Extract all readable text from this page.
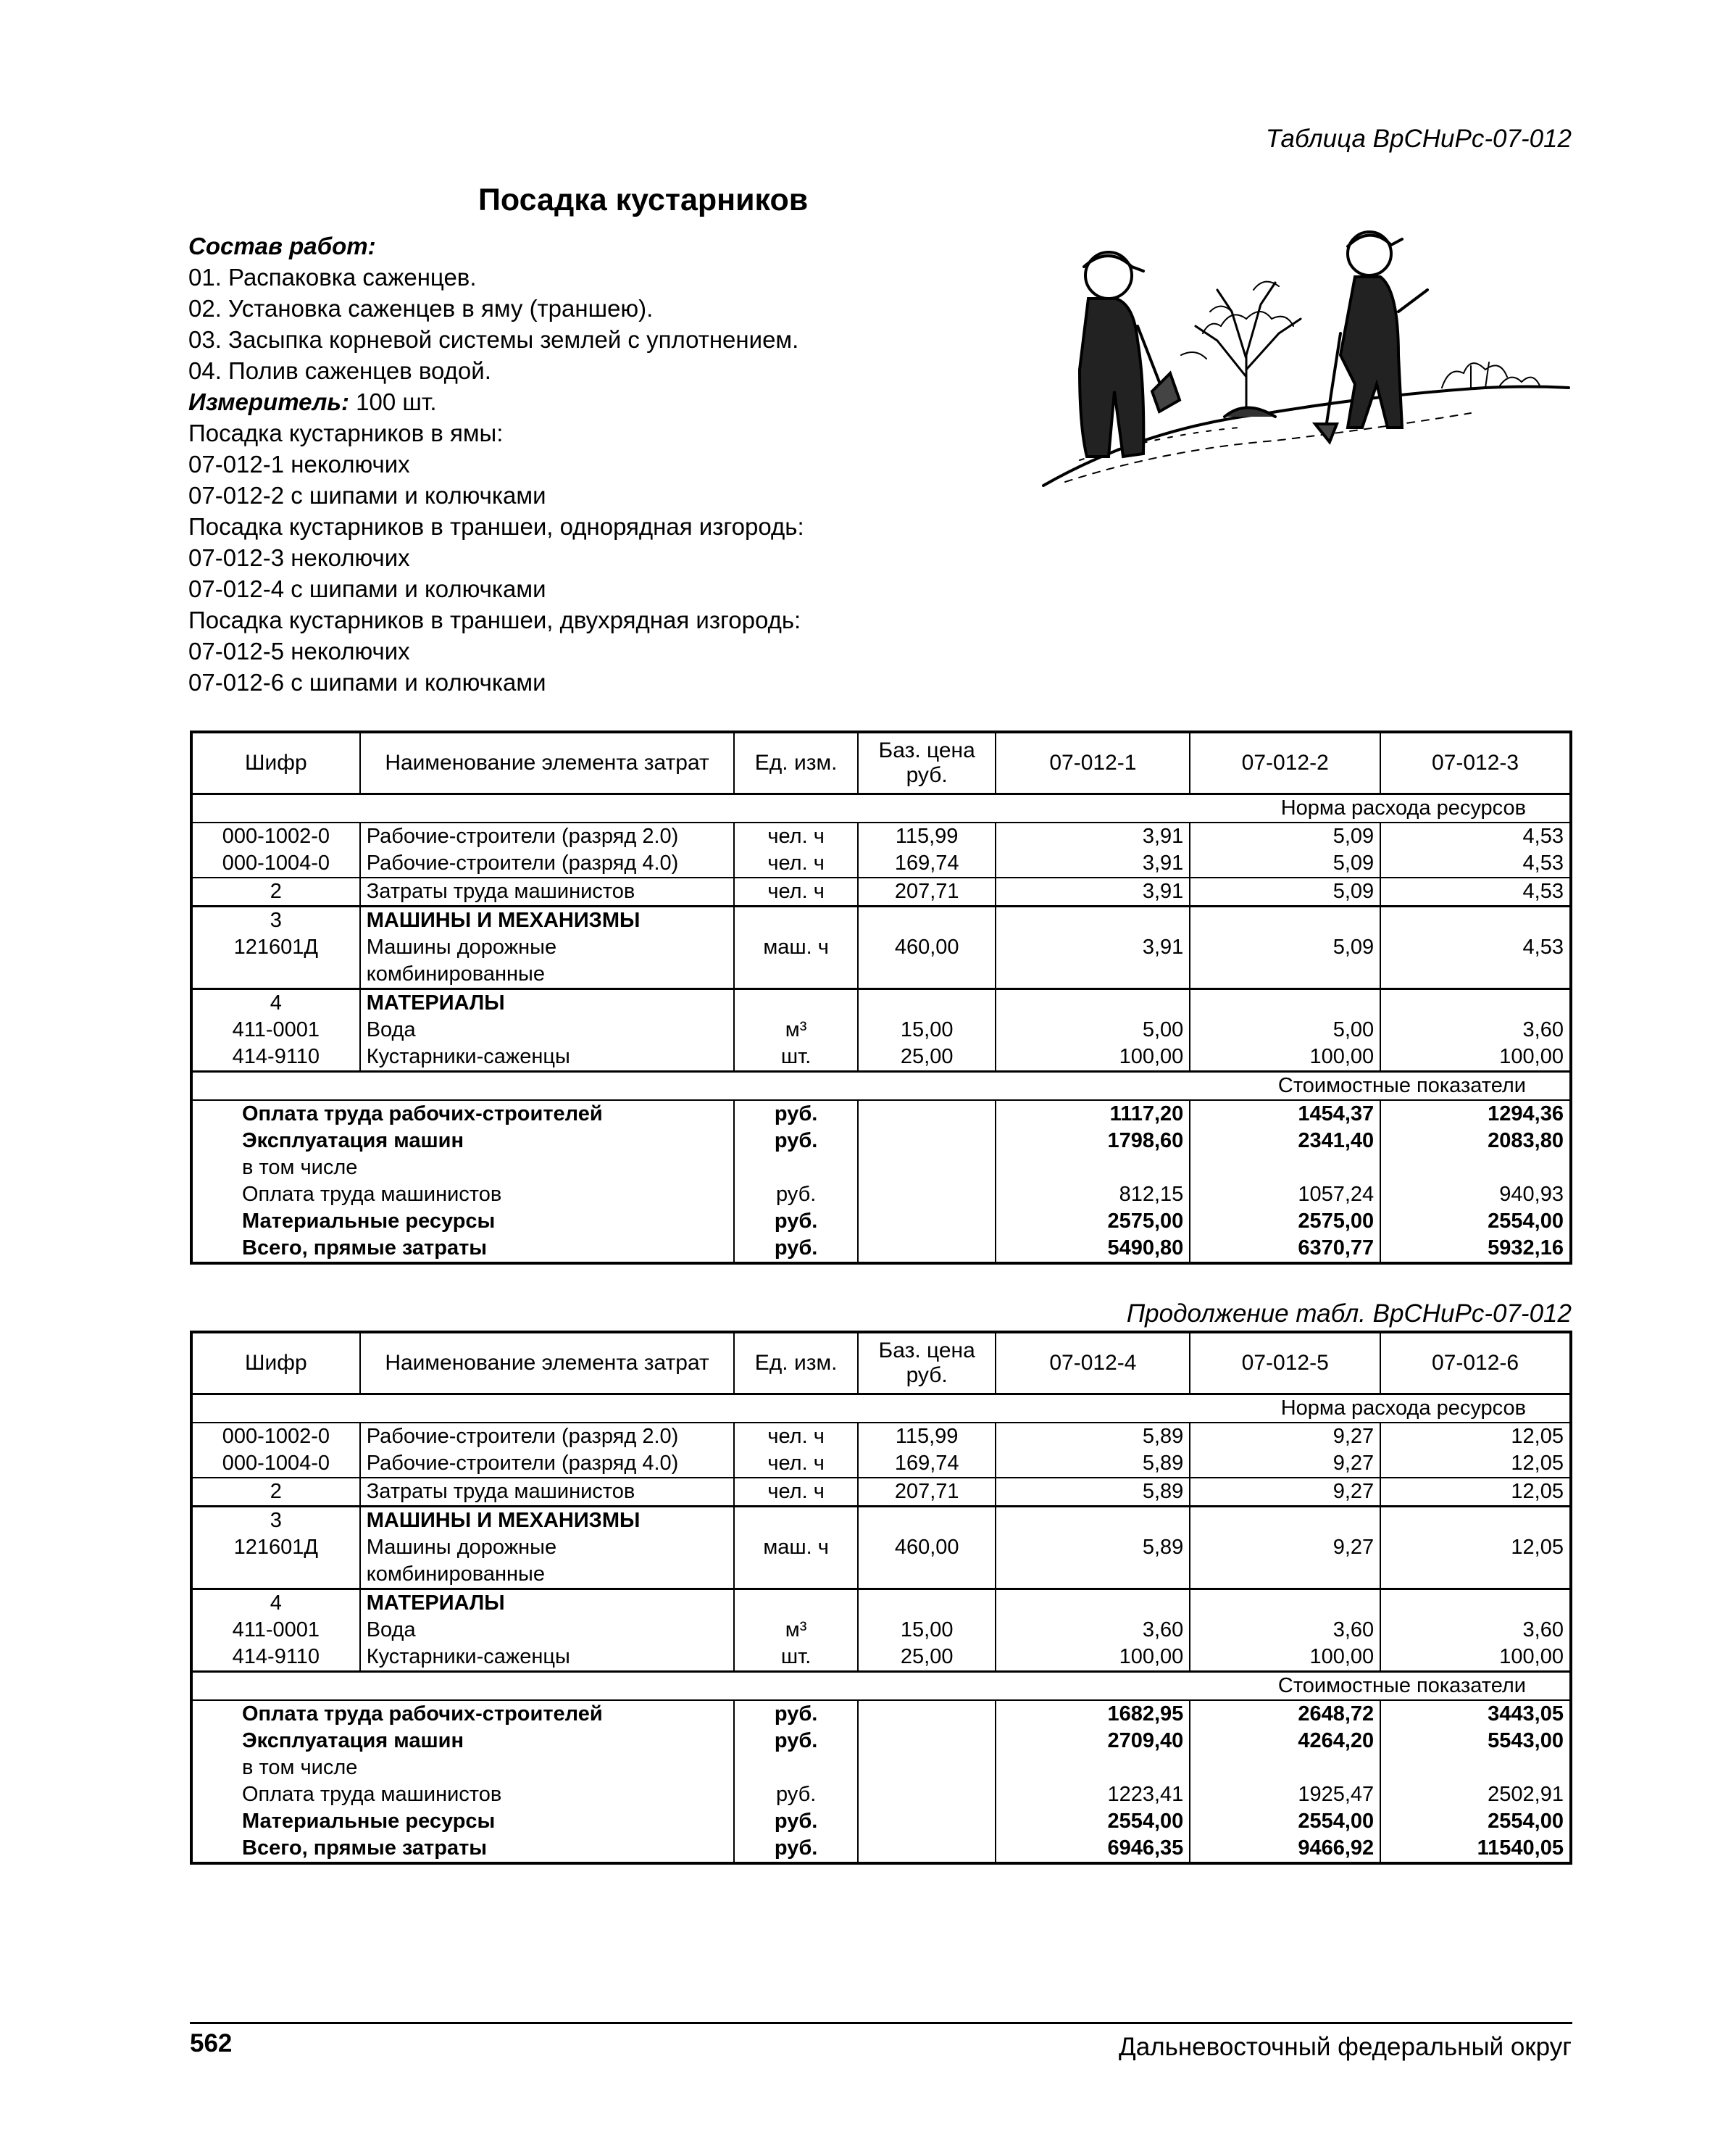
Таблица ВрСНиРс-07-012
Посадка кустарников
Состав работ:
01. Распаковка саженцев.
02. Установка саженцев в яму (траншею).
03. Засыпка корневой системы землей с уплотнением.
04. Полив саженцев водой.
Измеритель: 100 шт.
Посадка кустарников в ямы:
07-012-1 неколючих
07-012-2 с шипами и колючками
Посадка кустарников в траншеи, однорядная изгородь:
07-012-3 неколючих
07-012-4 с шипами и колючками
Посадка кустарников в траншеи, двухрядная изгородь:
07-012-5 неколючих
07-012-6 с шипами и колючками
Шифр	Наименование элемента затрат	Ед. изм.	Баз. цена руб.	07-012-1	07-012-2	07-012-3
Норма расхода ресурсов						
000-1002-0	Рабочие-строители (разряд 2.0)	чел. ч	115,99	3,91	5,09	4,53
000-1004-0	Рабочие-строители (разряд 4.0)	чел. ч	169,74	3,91	5,09	4,53
2	Затраты труда машинистов	чел. ч	207,71	3,91	5,09	4,53
3	МАШИНЫ И МЕХАНИЗМЫ					
121601Д	Машины дорожные комбинированные	маш. ч	460,00	3,91	5,09	4,53
4	МАТЕРИАЛЫ					
411-0001	Вода	м³	15,00	5,00	5,00	3,60
414-9110	Кустарники-саженцы	шт.	25,00	100,00	100,00	100,00
Стоимостные показатели						
Оплата труда рабочих-строителей		руб.		1117,20	1454,37	1294,36
Эксплуатация машин		руб.		1798,60	2341,40	2083,80
в том числе						
Оплата труда машинистов		руб.		812,15	1057,24	940,93
Материальные ресурсы		руб.		2575,00	2575,00	2554,00
Всего, прямые затраты		руб.		5490,80	6370,77	5932,16
Продолжение табл. ВрСНиРс-07-012
Шифр	Наименование элемента затрат	Ед. изм.	Баз. цена руб.	07-012-4	07-012-5	07-012-6
Норма расхода ресурсов						
000-1002-0	Рабочие-строители (разряд 2.0)	чел. ч	115,99	5,89	9,27	12,05
000-1004-0	Рабочие-строители (разряд 4.0)	чел. ч	169,74	5,89	9,27	12,05
2	Затраты труда машинистов	чел. ч	207,71	5,89	9,27	12,05
3	МАШИНЫ И МЕХАНИЗМЫ					
121601Д	Машины дорожные комбинированные	маш. ч	460,00	5,89	9,27	12,05
4	МАТЕРИАЛЫ					
411-0001	Вода	м³	15,00	3,60	3,60	3,60
414-9110	Кустарники-саженцы	шт.	25,00	100,00	100,00	100,00
Стоимостные показатели						
Оплата труда рабочих-строителей		руб.		1682,95	2648,72	3443,05
Эксплуатация машин		руб.		2709,40	4264,20	5543,00
в том числе						
Оплата труда машинистов		руб.		1223,41	1925,47	2502,91
Материальные ресурсы		руб.		2554,00	2554,00	2554,00
Всего, прямые затраты		руб.		6946,35	9466,92	11540,05
562	Дальневосточный федеральный округ
